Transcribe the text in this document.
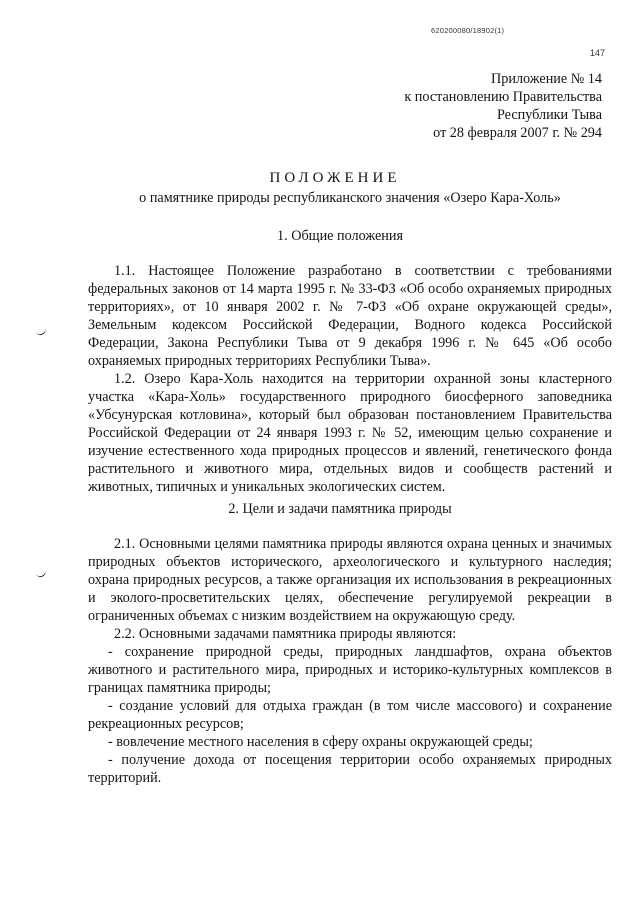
620200080/18902(1)
147
Приложение № 14
к постановлению Правительства
Республики Тыва
от 28 февраля 2007 г. № 294
ПОЛОЖЕНИЕ
о памятнике природы республиканского значения «Озеро Кара-Холь»
1. Общие положения

1.1. Настоящее Положение разработано в соответствии с требованиями федеральных законов от 14 марта 1995 г. № 33-ФЗ «Об особо охраняемых природных территориях», от 10 января 2002 г. № 7-ФЗ «Об охране окружающей среды», Земельным кодексом Российской Федерации, Водного кодекса Российской Федерации, Закона Республики Тыва от 9 декабря 1996 г. № 645 «Об особо охраняемых природных территориях Республики Тыва».

1.2. Озеро Кара-Холь находится на территории охранной зоны кластерного участка «Кара-Холь» государственного природного биосферного заповедника «Убсунурская котловина», который был образован постановлением Правительства Российской Федерации от 24 января 1993 г. № 52, имеющим целью сохранение и изучение естественного хода природных процессов и явлений, генетического фонда растительного и животного мира, отдельных видов и сообществ растений и животных, типичных и уникальных экологических систем.

2. Цели и задачи памятника природы

2.1. Основными целями памятника природы являются охрана ценных и значимых природных объектов исторического, археологического и культурного наследия; охрана природных ресурсов, а также организация их использования в рекреационных и эколого-просветительских целях, обеспечение регулируемой рекреации в ограниченных объемах с низким воздействием на окружающую среду.

2.2. Основными задачами памятника природы являются:

- сохранение природной среды, природных ландшафтов, охрана объектов животного и растительного мира, природных и историко-культурных комплексов в границах памятника природы;

- создание условий для отдыха граждан (в том числе массового) и сохранение рекреационных ресурсов;

- вовлечение местного населения в сферу охраны окружающей среды;

- получение дохода от посещения территории особо охраняемых природных территорий.
